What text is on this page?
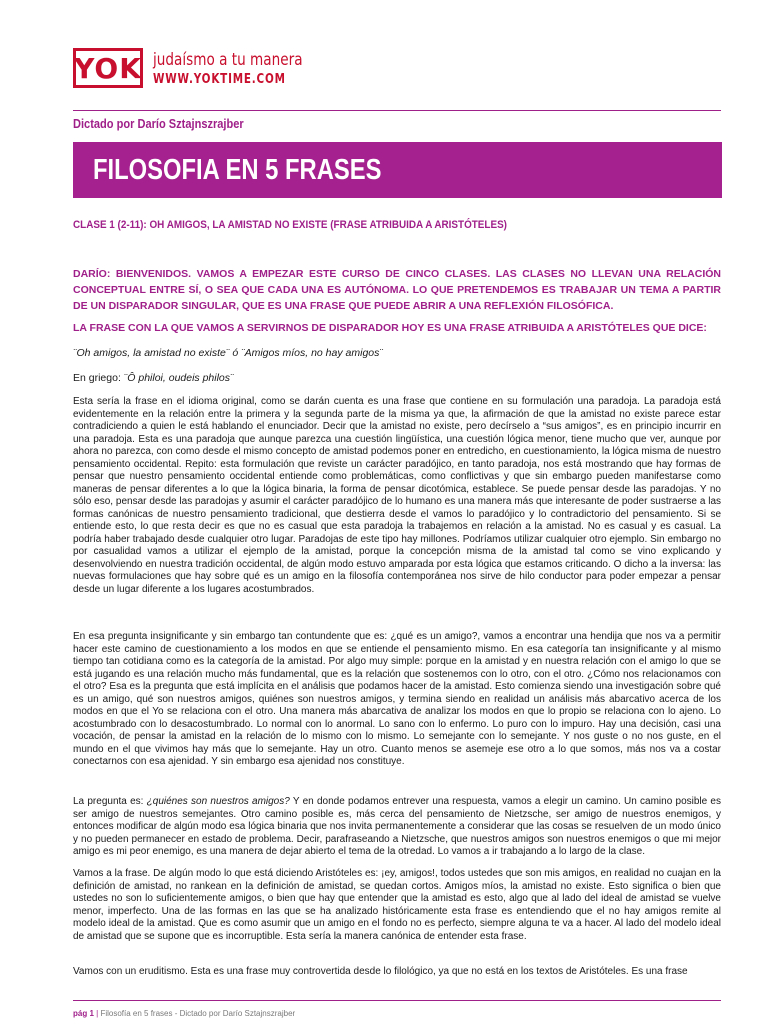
YOK judaísmo a tu manera
WWW.YOKTIME.COM
Dictado por Darío Sztajnszrajber
FILOSOFIA EN 5 FRASES
CLASE 1 (2-11): OH AMIGOS, LA AMISTAD NO EXISTE (FRASE ATRIBUIDA A ARISTÓTELES)
DARÍO: BIENVENIDOS. VAMOS A EMPEZAR ESTE CURSO DE CINCO CLASES. LAS CLASES NO LLEVAN UNA RELACIÓN CONCEPTUAL ENTRE SÍ, O SEA QUE CADA UNA ES AUTÓNOMA. LO QUE PRETENDEMOS ES TRABAJAR UN TEMA A PARTIR DE UN DISPARADOR SINGULAR, QUE ES UNA FRASE QUE PUEDE ABRIR A UNA REFLEXIÓN FILOSÓFICA.
LA FRASE CON LA QUE VAMOS A SERVIRNOS DE DISPARADOR HOY ES UNA FRASE ATRIBUIDA A ARISTÓTELES QUE DICE:
¨Oh amigos, la amistad no existe¨ ó ¨Amigos míos, no hay amigos¨
En griego: ¨Ô philoi, oudeis philos¨
Esta sería la frase en el idioma original, como se darán cuenta es una frase que contiene en su formulación una paradoja. La paradoja está evidentemente en la relación entre la primera y la segunda parte de la misma ya que, la afirmación de que la amistad no existe parece estar contradiciendo a quien le está hablando el enunciador. Decir que la amistad no existe, pero decírselo a “sus amigos”, es en principio incurrir en una paradoja. Esta es una paradoja que aunque parezca una cuestión lingüística, una cuestión lógica menor, tiene mucho que ver, aunque por ahora no parezca, con como desde el mismo concepto de amistad podemos poner en entredicho, en cuestionamiento, la lógica misma de nuestro pensamiento occidental. Repito: esta formulación que reviste un carácter paradójico, en tanto paradoja, nos está mostrando que hay formas de pensar que nuestro pensamiento occidental entiende como problemáticas, como conflictivas y que sin embargo pueden manifestarse como maneras de pensar diferentes a lo que la lógica binaria, la forma de pensar dicotómica, establece. Se puede pensar desde las paradojas. Y no sólo eso, pensar desde las paradojas y asumir el carácter paradójico de lo humano es una manera más que interesante de poder sustraerse a las formas canónicas de nuestro pensamiento tradicional, que destierra desde el vamos lo paradójico y lo contradictorio del pensamiento. Si se entiende esto, lo que resta decir es que no es casual que esta paradoja la trabajemos en relación a la amistad. No es casual y es casual. La podría haber trabajado desde cualquier otro lugar. Paradojas de este tipo hay millones. Podríamos utilizar cualquier otro ejemplo. Sin embargo no por casualidad vamos a utilizar el ejemplo de la amistad, porque la concepción misma de la amistad tal como se vino explicando y desenvolviendo en nuestra tradición occidental, de algún modo estuvo amparada por esta lógica que estamos criticando. O dicho a la inversa: las nuevas formulaciones que hay sobre qué es un amigo en la filosofía contemporánea nos sirve de hilo conductor para poder empezar a pensar desde un lugar diferente a los lugares acostumbrados.
En esa pregunta insignificante y sin embargo tan contundente que es: ¿qué es un amigo?, vamos a encontrar una hendija que nos va a permitir hacer este camino de cuestionamiento a los modos en que se entiende el pensamiento mismo. En esa categoría tan insignificante y al mismo tiempo tan cotidiana como es la categoría de la amistad. Por algo muy simple: porque en la amistad y en nuestra relación con el amigo lo que se está jugando es una relación mucho más fundamental, que es la relación que sostenemos con lo otro, con el otro. ¿Cómo nos relacionamos con el otro? Esa es la pregunta que está implícita en el análisis que podamos hacer de la amistad. Esto comienza siendo una investigación sobre qué es un amigo, qué son nuestros amigos, quiénes son nuestros amigos, y termina siendo en realidad un análisis más abarcativo acerca de los modos en que el Yo se relaciona con el otro. Una manera más abarcativa de analizar los modos en que lo propio se relaciona con lo ajeno. Lo acostumbrado con lo desacostumbrado. Lo normal con lo anormal. Lo sano con lo enfermo. Lo puro con lo impuro. Hay una decisión, casi una vocación, de pensar la amistad en la relación de lo mismo con lo mismo. Lo semejante con lo semejante. Y nos guste o no nos guste, en el mundo en el que vivimos hay más que lo semejante. Hay un otro. Cuanto menos se asemeje ese otro a lo que somos, más nos va a costar conectarnos con esa ajenidad. Y sin embargo esa ajenidad nos constituye.
La pregunta es: ¿quiénes son nuestros amigos? Y en donde podamos entrever una respuesta, vamos a elegir un camino. Un camino posible es ser amigo de nuestros semejantes. Otro camino posible es, más cerca del pensamiento de Nietzsche, ser amigo de nuestros enemigos, y entonces modificar de algún modo esa lógica binaria que nos invita permanentemente a considerar que las cosas se resuelven de un modo único y no pueden permanecer en estado de problema. Decir, parafraseando a Nietzsche, que nuestros amigos son nuestros enemigos o que mi mejor amigo es mi peor enemigo, es una manera de dejar abierto el tema de la otredad. Lo vamos a ir trabajando a lo largo de la clase.
Vamos a la frase. De algún modo lo que está diciendo Aristóteles es: ¡ey, amigos!, todos ustedes que son mis amigos, en realidad no cuajan en la definición de amistad, no rankean en la definición de amistad, se quedan cortos. Amigos míos, la amistad no existe. Esto significa o bien que ustedes no son lo suficientemente amigos, o bien que hay que entender que la amistad es esto, algo que al lado del ideal de amistad se vuelve menor, imperfecto. Una de las formas en las que se ha analizado históricamente esta frase es entendiendo que el no hay amigos remite al modelo ideal de la amistad. Que es como asumir que un amigo en el fondo no es perfecto, siempre alguna te va a hacer. Al lado del modelo ideal de amistad que se supone que es incorruptible. Esta sería la manera canónica de entender esta frase.
Vamos con un eruditismo. Esta es una frase muy controvertida desde lo filológico, ya que no está en los textos de Aristóteles. Es una frase
pág 1 | Filosofía en 5 frases - Dictado por Darío Sztajnszrajber
